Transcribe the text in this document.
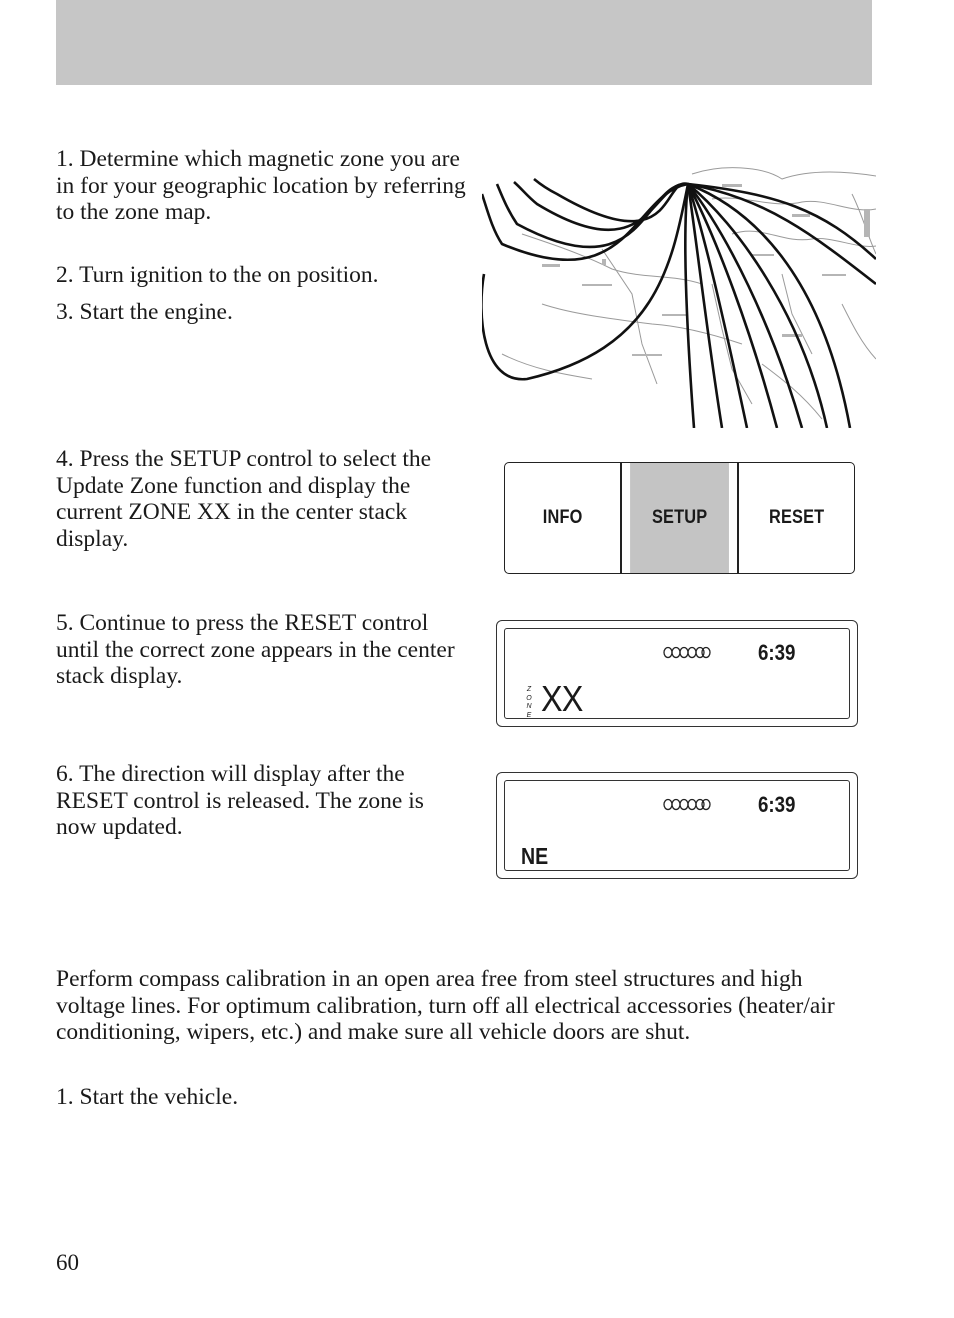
1. Determine which magnetic zone you are in for your geographic location by referring to the zone map.

2. Turn ignition to the on position.

3. Start the engine.

4. Press the SETUP control to select the Update Zone function and display the current ZONE XX in the center stack display.

INFO	SETUP	RESET

5. Continue to press the RESET control until the correct zone appears in the center stack display.

6:39
Z
O
N
E XX

6. The direction will display after the RESET control is released. The zone is now updated.

6:39
NE

Perform compass calibration in an open area free from steel structures and high voltage lines. For optimum calibration, turn off all electrical accessories (heater/air conditioning, wipers, etc.) and make sure all vehicle doors are shut.

1. Start the vehicle.

60
